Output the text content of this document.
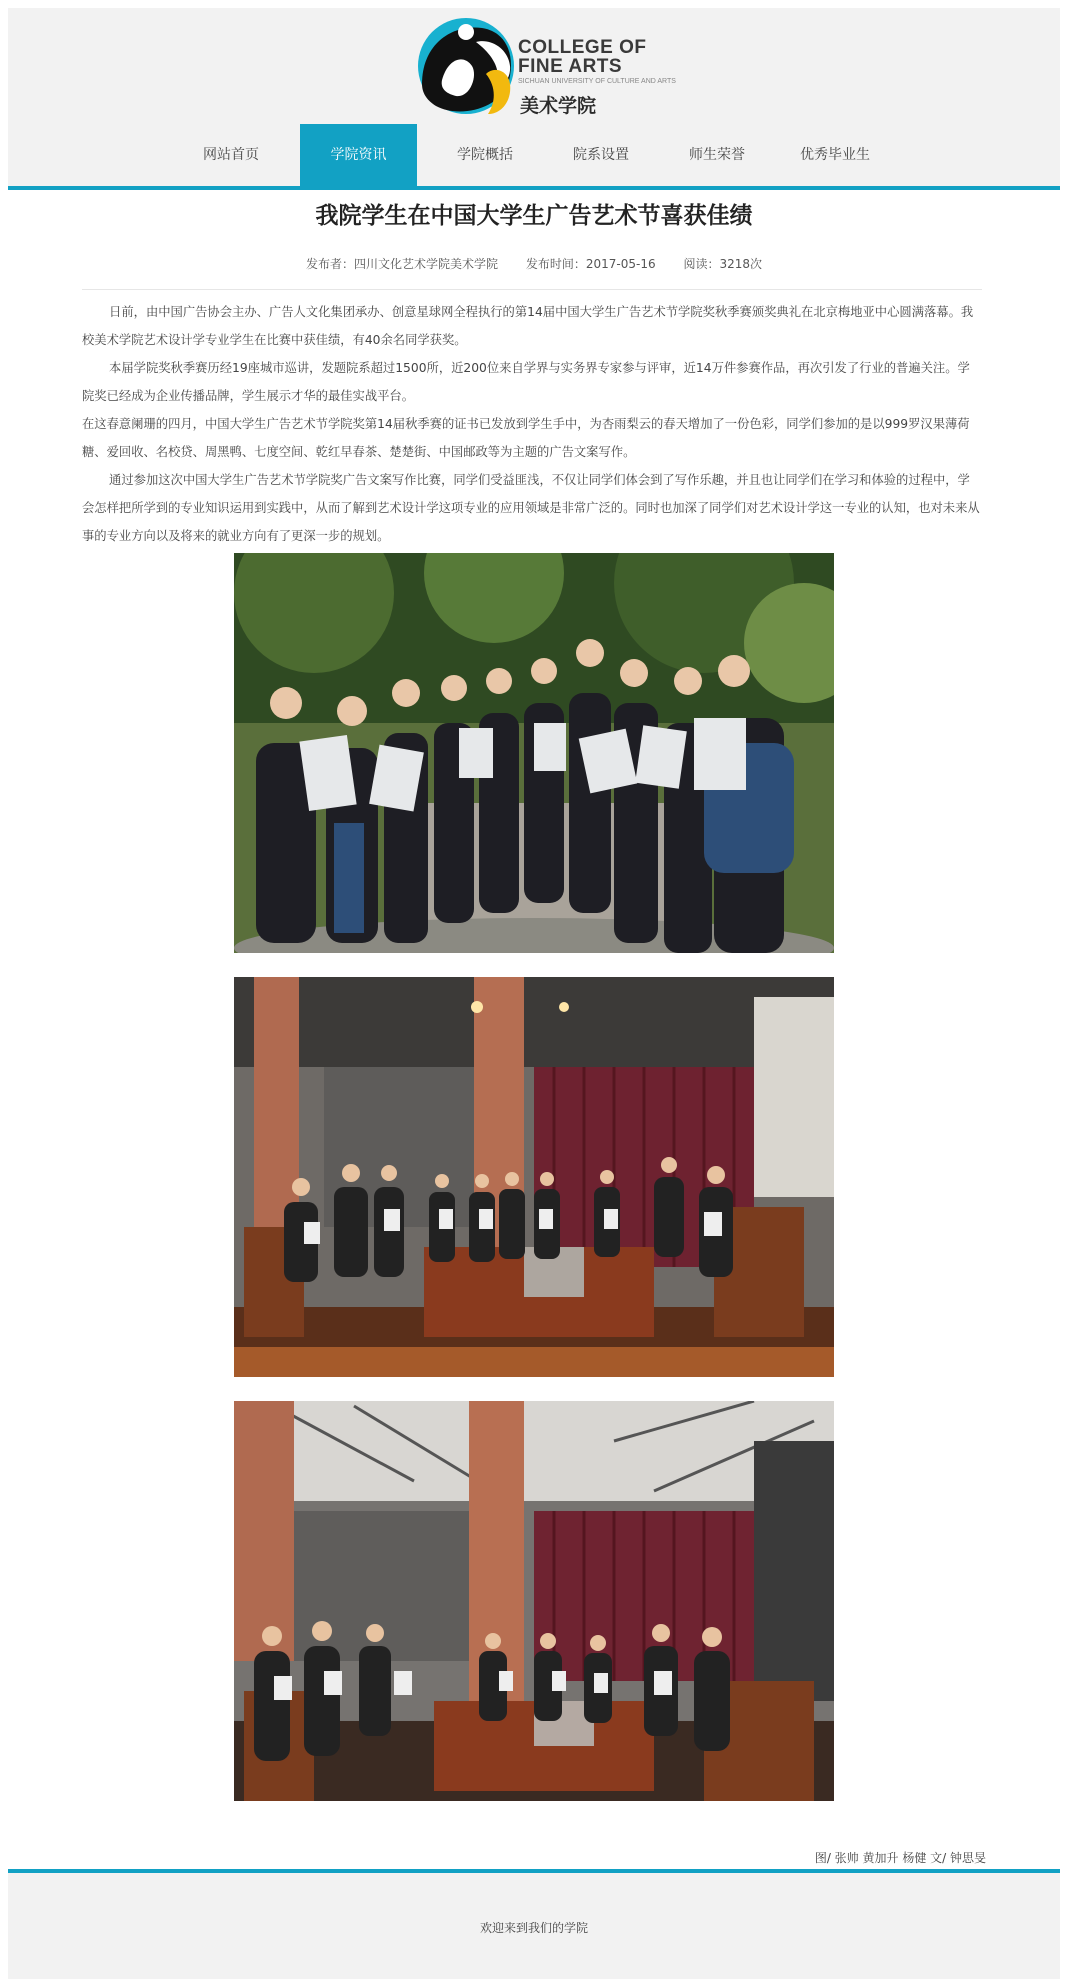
COLLEGE OF
FINE ARTS
SICHUAN UNIVERSITY OF CULTURE AND ARTS
美术学院
网站首页	学院资讯	学院概括	院系设置	师生荣誉	优秀毕业生
我院学生在中国大学生广告艺术节喜获佳绩
发布者：四川文化艺术学院美术学院 发布时间：2017-05-16 阅读：3218次

日前，由中国广告协会主办、广告人文化集团承办、创意星球网全程执行的第14届中国大学生广告艺术节学院奖秋季赛颁奖典礼在北京梅地亚中心圆满落幕。我校美术学院艺术设计学专业学生在比赛中获佳绩，有40余名同学获奖。

本届学院奖秋季赛历经19座城市巡讲，发题院系超过1500所，近200位来自学界与实务界专家参与评审，近14万件参赛作品，再次引发了行业的普遍关注。学院奖已经成为企业传播品牌，学生展示才华的最佳实战平台。

在这春意阑珊的四月，中国大学生广告艺术节学院奖第14届秋季赛的证书已发放到学生手中，为杏雨梨云的春天增加了一份色彩，同学们参加的是以999罗汉果薄荷糖、爱回收、名校贷、周黑鸭、七度空间、乾红早春茶、楚楚街、中国邮政等为主题的广告文案写作。

通过参加这次中国大学生广告艺术节学院奖广告文案写作比赛，同学们受益匪浅，不仅让同学们体会到了写作乐趣，并且也让同学们在学习和体验的过程中，学会怎样把所学到的专业知识运用到实践中，从而了解到艺术设计学这项专业的应用领域是非常广泛的。同时也加深了同学们对艺术设计学这一专业的认知，也对未来从事的专业方向以及将来的就业方向有了更深一步的规划。

图/ 张帅 黄加升 杨健 文/ 钟思旻
欢迎来到我们的学院
